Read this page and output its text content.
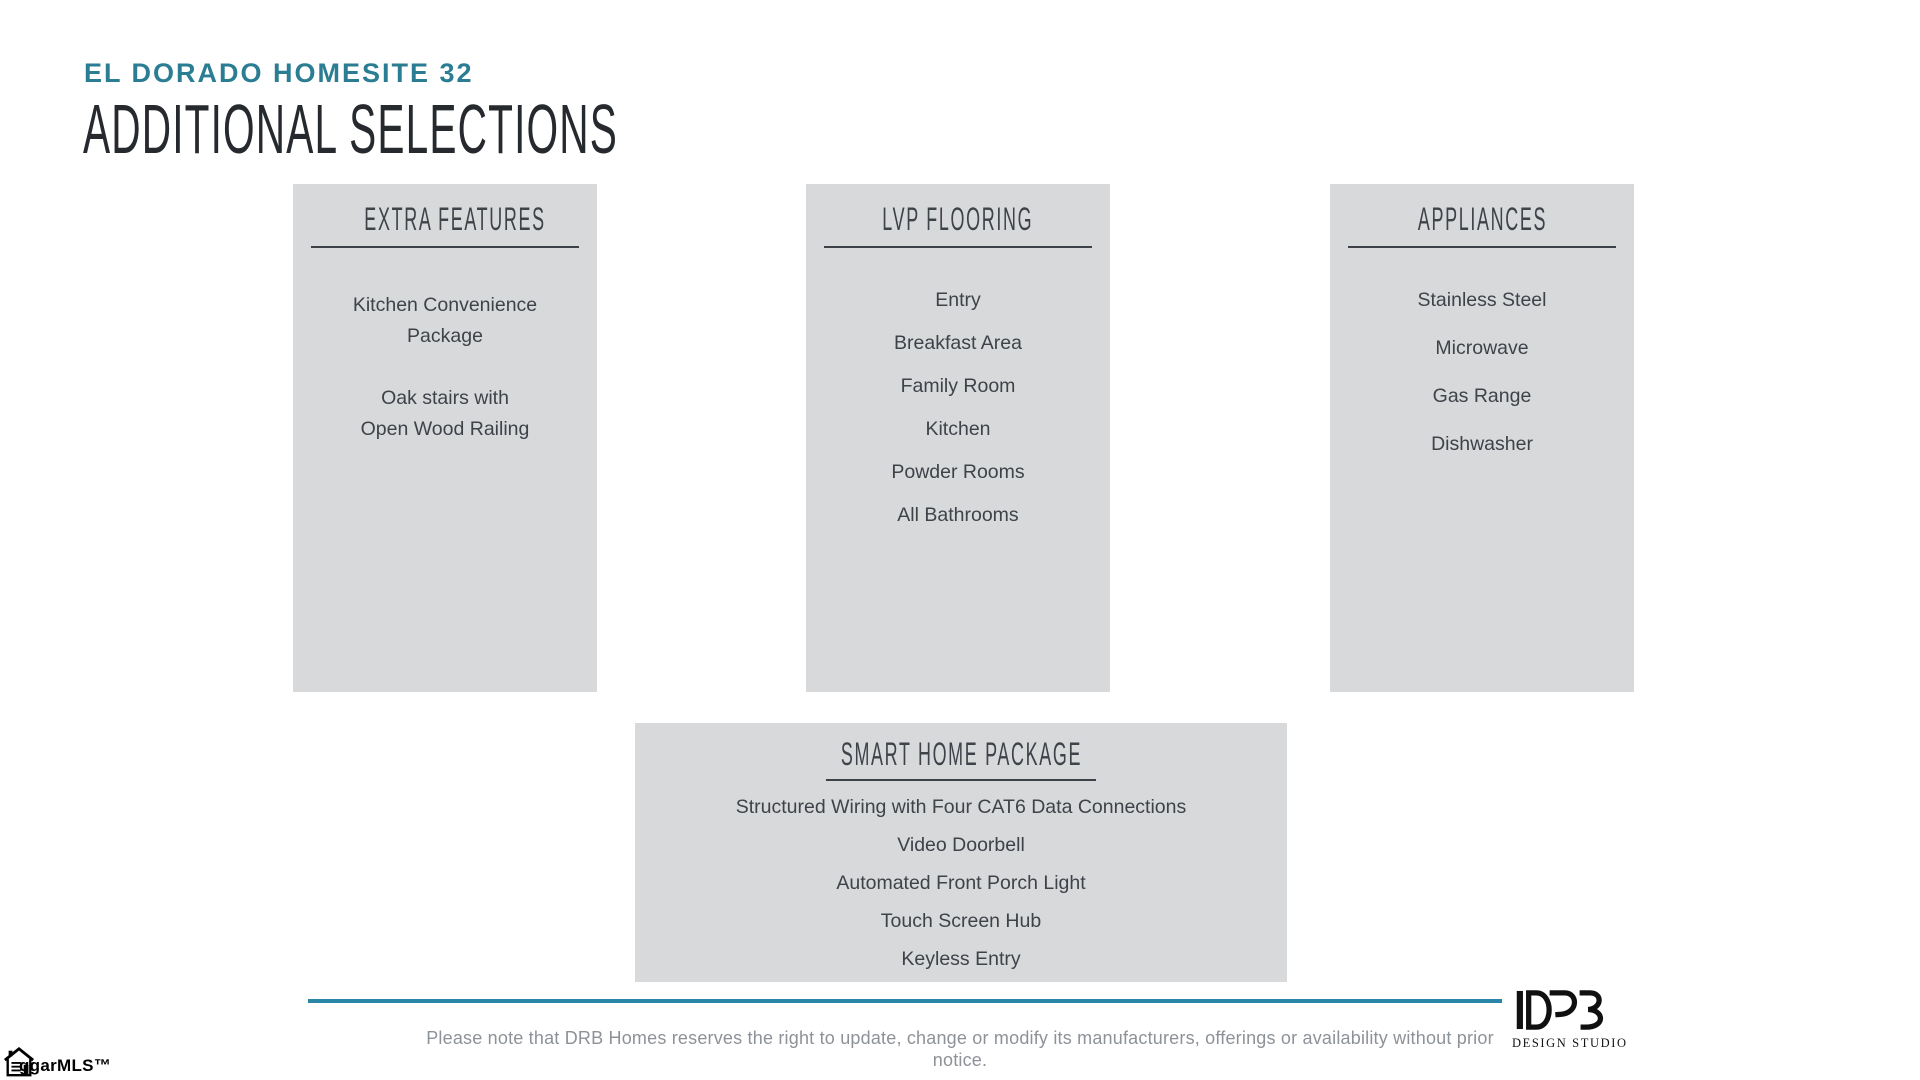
EL DORADO HOMESITE 32
ADDITIONAL SELECTIONS
EXTRA FEATURES

Kitchen Convenience
Package

Oak stairs with
Open Wood Railing

LVP FLOORING
Entry
Breakfast Area
Family Room
Kitchen
Powder Rooms
All Bathrooms
APPLIANCES
Stainless Steel
Microwave
Gas Range
Dishwasher
SMART HOME PACKAGE
Structured Wiring with Four CAT6 Data Connections
Video Doorbell
Automated Front Porch Light
Touch Screen Hub
Keyless Entry
Please note that DRB Homes reserves the right to update, change or modify its manufacturers, offerings or availability without prior notice.
DESIGN STUDIO
ggarMLS™
